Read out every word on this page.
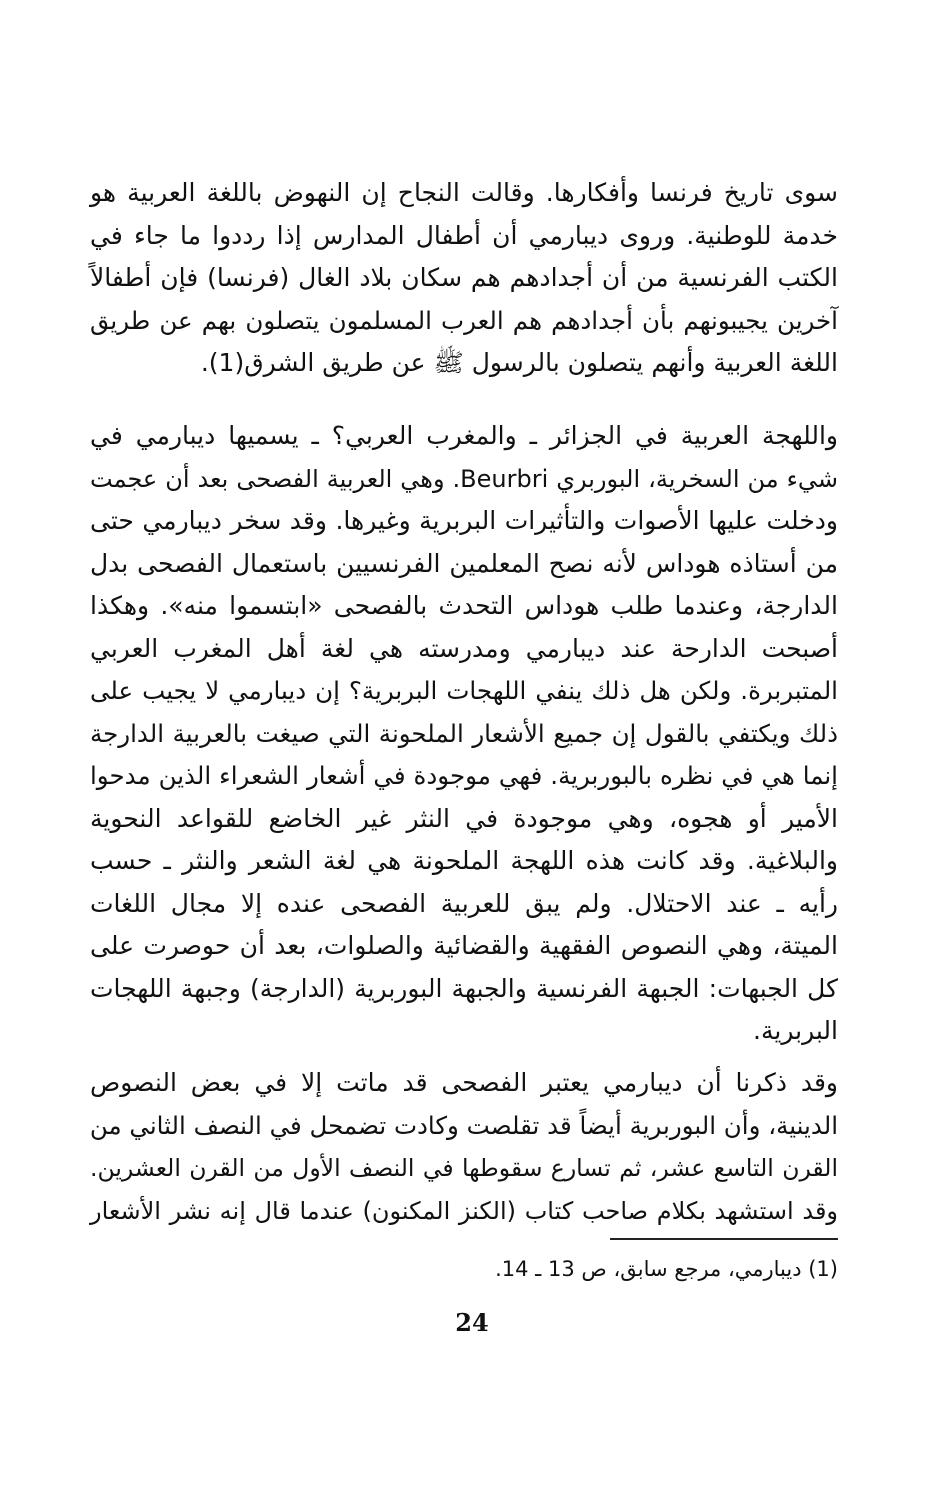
سوى تاريخ فرنسا وأفكارها. وقالت النجاح إن النهوض باللغة العربية هو
خدمة للوطنية. وروى ديبارمي أن أطفال المدارس إذا رددوا ما جاء في
الكتب الفرنسية من أن أجدادهم هم سكان بلاد الغال (فرنسا) فإن أطفالاً
آخرين يجيبونهم بأن أجدادهم هم العرب المسلمون يتصلون بهم عن طريق
اللغة العربية وأنهم يتصلون بالرسول ﷺ عن طريق الشرق(1).
واللهجة العربية في الجزائر ـ والمغرب العربي؟ ـ يسميها ديبارمي في
شيء من السخرية، البوربري Beurbri. وهي العربية الفصحى بعد أن عجمت
ودخلت عليها الأصوات والتأثيرات البربرية وغيرها. وقد سخر ديبارمي حتى
من أستاذه هوداس لأنه نصح المعلمين الفرنسيين باستعمال الفصحى بدل
الدارجة، وعندما طلب هوداس التحدث بالفصحى «ابتسموا منه». وهكذا
أصبحت الدارحة عند ديبارمي ومدرسته هي لغة أهل المغرب العربي
المتبربرة. ولكن هل ذلك ينفي اللهجات البربرية؟ إن ديبارمي لا يجيب على
ذلك ويكتفي بالقول إن جميع الأشعار الملحونة التي صيغت بالعربية الدارجة
إنما هي في نظره بالبوربرية. فهي موجودة في أشعار الشعراء الذين مدحوا
الأمير أو هجوه، وهي موجودة في النثر غير الخاضع للقواعد النحوية
والبلاغية. وقد كانت هذه اللهجة الملحونة هي لغة الشعر والنثر ـ حسب
رأيه ـ عند الاحتلال. ولم يبق للعربية الفصحى عنده إلا مجال اللغات
الميتة، وهي النصوص الفقهية والقضائية والصلوات، بعد أن حوصرت على
كل الجبهات: الجبهة الفرنسية والجبهة البوربرية (الدارجة) وجبهة اللهجات
البربرية.
وقد ذكرنا أن ديبارمي يعتبر الفصحى قد ماتت إلا في بعض النصوص
الدينية، وأن البوربرية أيضاً قد تقلصت وكادت تضمحل في النصف الثاني من
القرن التاسع عشر، ثم تسارع سقوطها في النصف الأول من القرن العشرين.
وقد استشهد بكلام صاحب كتاب (الكنز المكنون) عندما قال إنه نشر الأشعار
(1) ديبارمي، مرجع سابق، ص 13 ـ 14.
24
